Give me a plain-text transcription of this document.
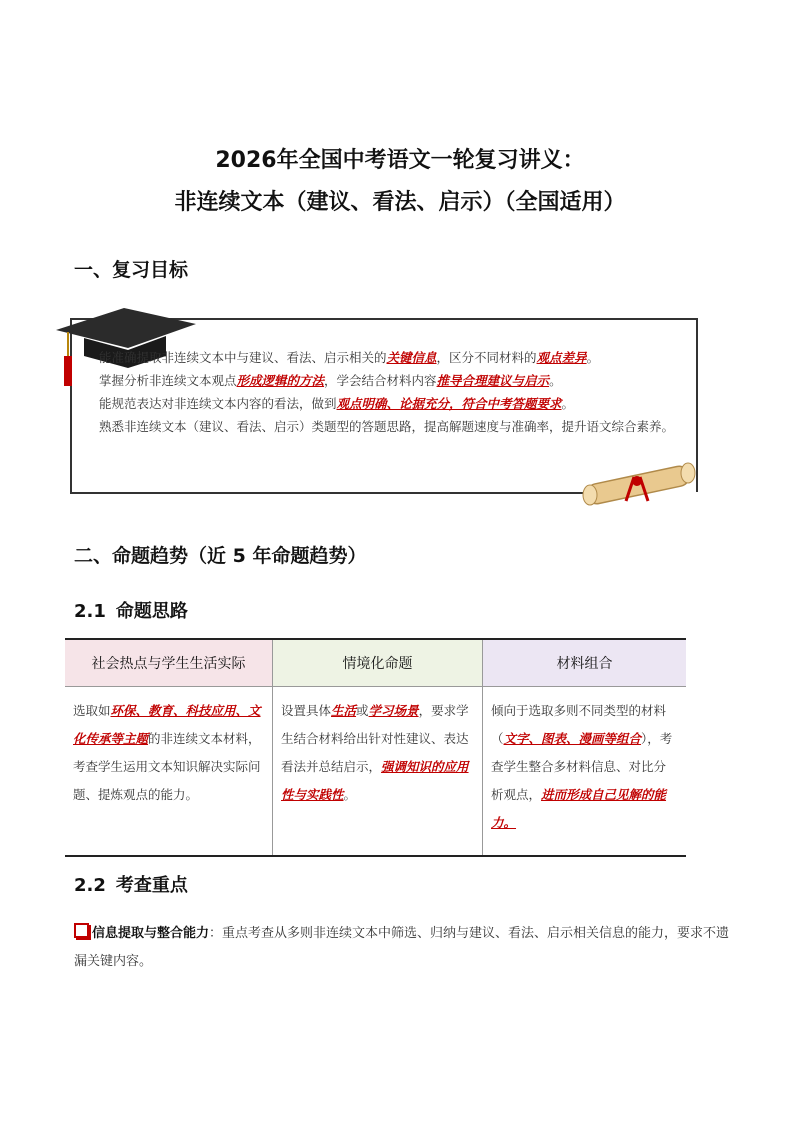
2026年全国中考语文一轮复习讲义：
非连续文本（建议、看法、启示）（全国适用）
一、复习目标

能准确提取非连续文本中与建议、看法、启示相关的关键信息，区分不同材料的观点差异。

掌握分析非连续文本观点形成逻辑的方法，学会结合材料内容推导合理建议与启示。

能规范表达对非连续文本内容的看法，做到观点明确、论据充分，符合中考答题要求。

熟悉非连续文本（建议、看法、启示）类题型的答题思路，提高解题速度与准确率，提升语文综合素养。

二、命题趋势（近 5 年命题趋势）
2.1 命题思路
社会热点与学生生活实际	情境化命题	材料组合
选取如环保、教育、科技应用、文化传承等主题的非连续文本材料，考查学生运用文本知识解决实际问题、提炼观点的能力。	设置具体生活或学习场景，要求学生结合材料给出针对性建议、表达看法并总结启示，强调知识的应用性与实践性。	倾向于选取多则不同类型的材料（文字、图表、漫画等组合），考查学生整合多材料信息、对比分析观点，进而形成自己见解的能力。
2.2 考查重点
信息提取与整合能力：重点考查从多则非连续文本中筛选、归纳与建议、看法、启示相关信息的能力，要求不遗漏关键内容。
